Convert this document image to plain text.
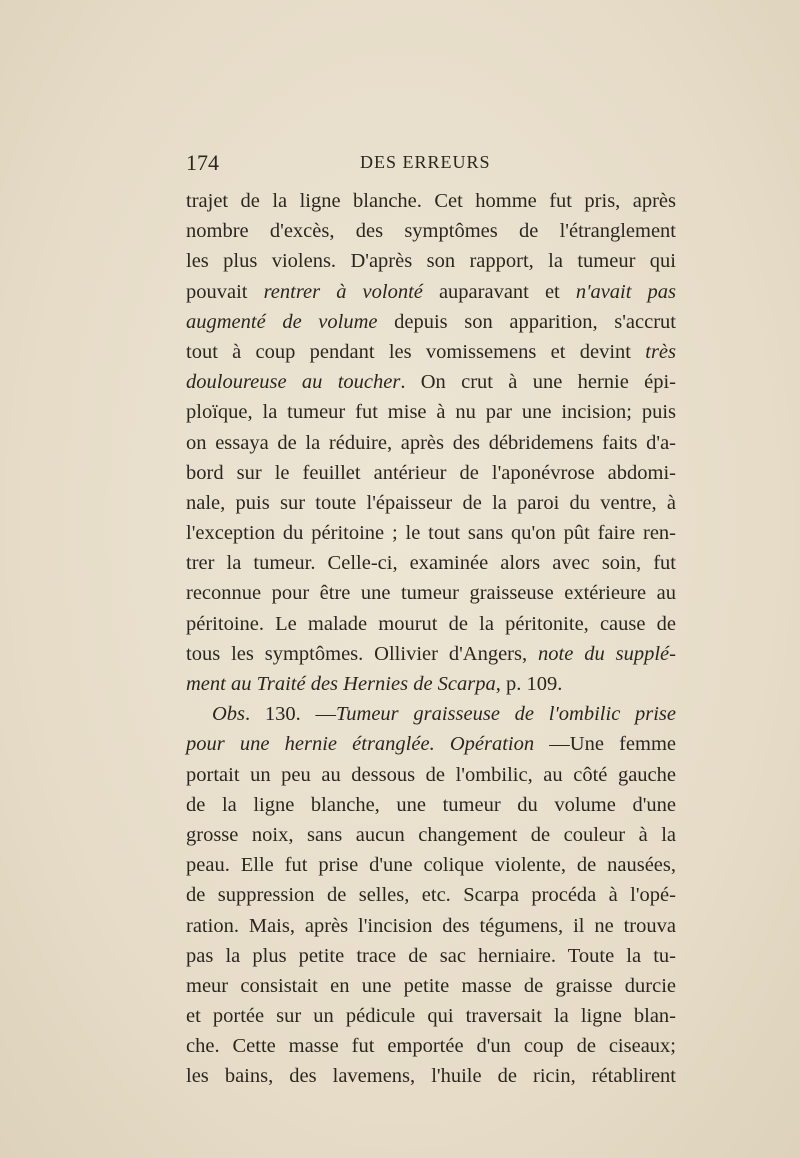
174	DES ERREURS
trajet de la ligne blanche. Cet homme fut pris, après
nombre d'excès, des symptômes de l'étranglement
les plus violens. D'après son rapport, la tumeur qui
pouvait rentrer à volonté auparavant et n'avait pas
augmenté de volume depuis son apparition, s'accrut
tout à coup pendant les vomissemens et devint très
douloureuse au toucher. On crut à une hernie épi-
ploïque, la tumeur fut mise à nu par une incision; puis
on essaya de la réduire, après des débridemens faits d'a-
bord sur le feuillet antérieur de l'aponévrose abdomi-
nale, puis sur toute l'épaisseur de la paroi du ventre, à
l'exception du péritoine ; le tout sans qu'on pût faire ren-
trer la tumeur. Celle-ci, examinée alors avec soin, fut
reconnue pour être une tumeur graisseuse extérieure au
péritoine. Le malade mourut de la péritonite, cause de
tous les symptômes. Ollivier d'Angers, note du supplé-
ment au Traité des Hernies de Scarpa, p. 109.
Obs. 130. —Tumeur graisseuse de l'ombilic prise
pour une hernie étranglée. Opération —Une femme
portait un peu au dessous de l'ombilic, au côté gauche
de la ligne blanche, une tumeur du volume d'une
grosse noix, sans aucun changement de couleur à la
peau. Elle fut prise d'une colique violente, de nausées,
de suppression de selles, etc. Scarpa procéda à l'opé-
ration. Mais, après l'incision des tégumens, il ne trouva
pas la plus petite trace de sac herniaire. Toute la tu-
meur consistait en une petite masse de graisse durcie
et portée sur un pédicule qui traversait la ligne blan-
che. Cette masse fut emportée d'un coup de ciseaux;
les bains, des lavemens, l'huile de ricin, rétablirent
